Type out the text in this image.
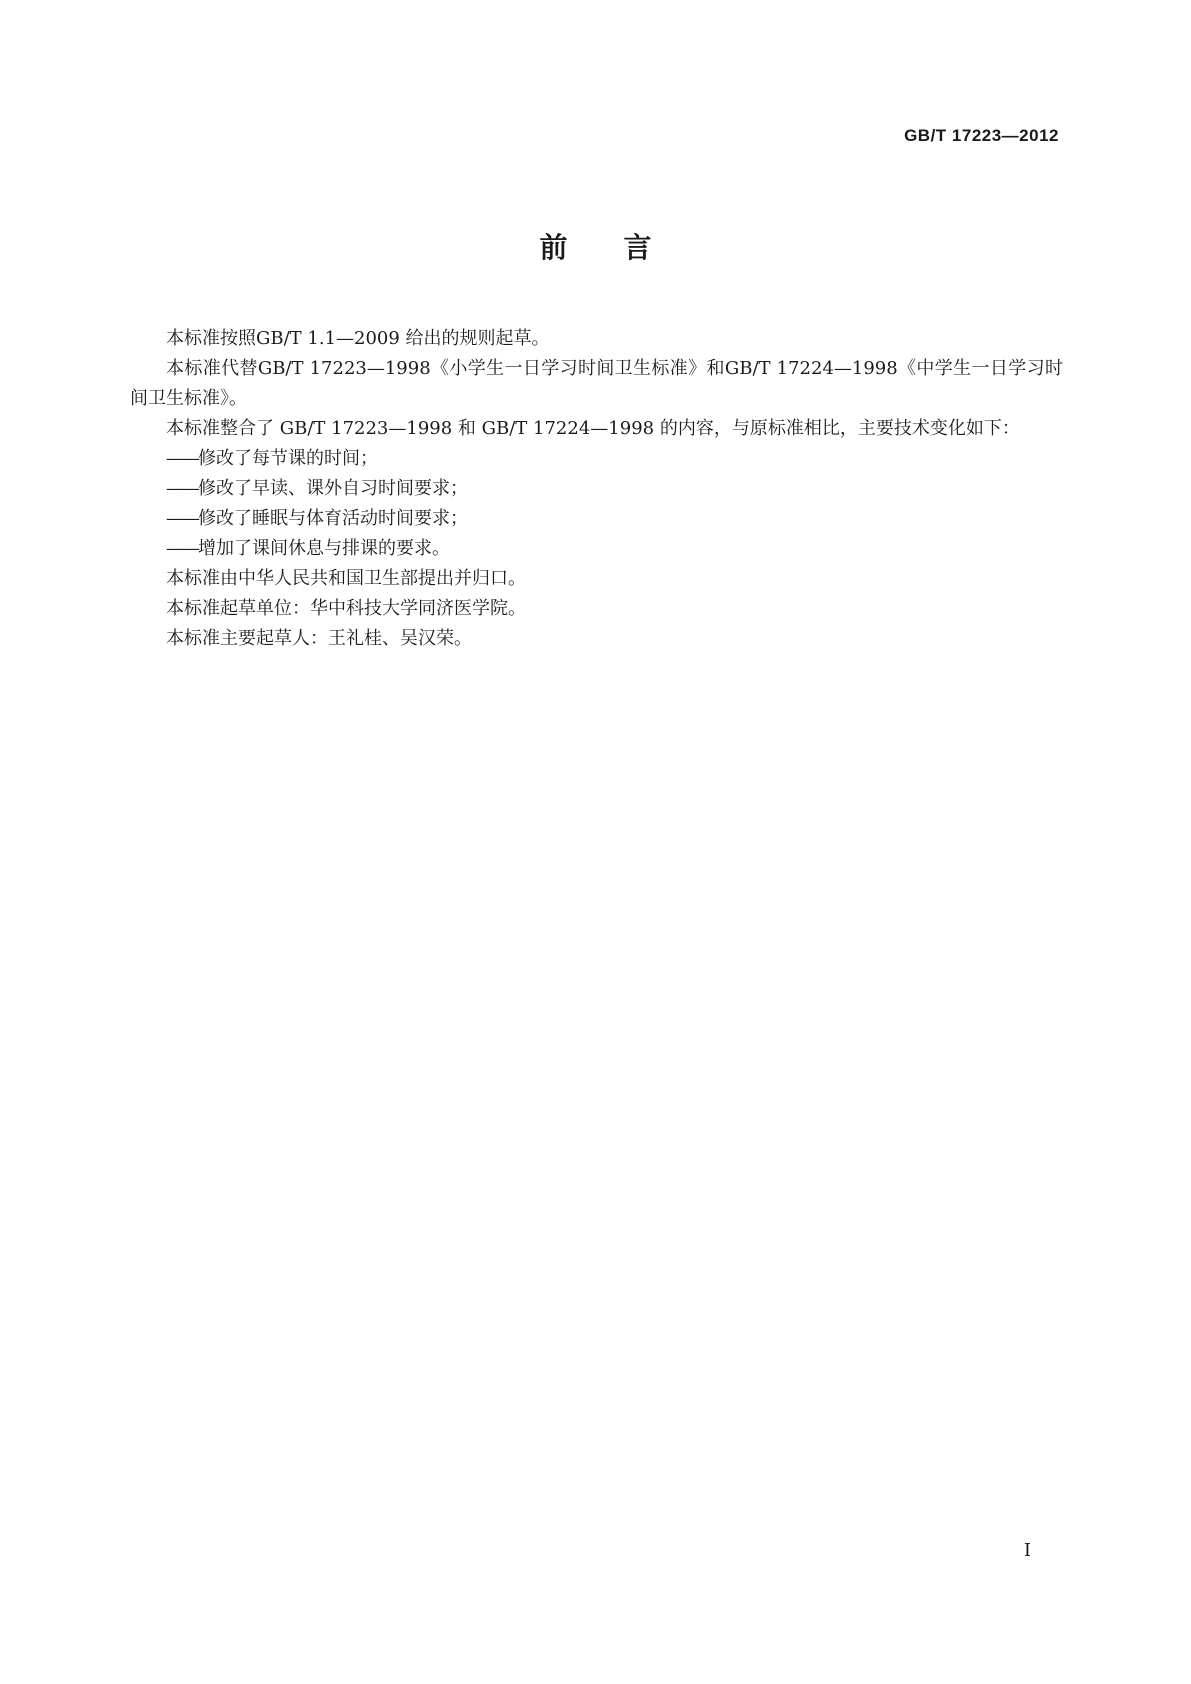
GB/T 17223—2012
前言

本标准按照GB/T 1.1—2009 给出的规则起草。

本标准代替GB/T 17223—1998《小学生一日学习时间卫生标准》和GB/T 17224—1998《中学生一日学习时间卫生标准》。

本标准整合了 GB/T 17223—1998 和 GB/T 17224—1998 的内容，与原标准相比，主要技术变化如下：

——修改了每节课的时间；
——修改了早读、课外自习时间要求；
——修改了睡眠与体育活动时间要求；
——增加了课间休息与排课的要求。

本标准由中华人民共和国卫生部提出并归口。

本标准起草单位：华中科技大学同济医学院。

本标准主要起草人：王礼桂、吴汉荣。

I
